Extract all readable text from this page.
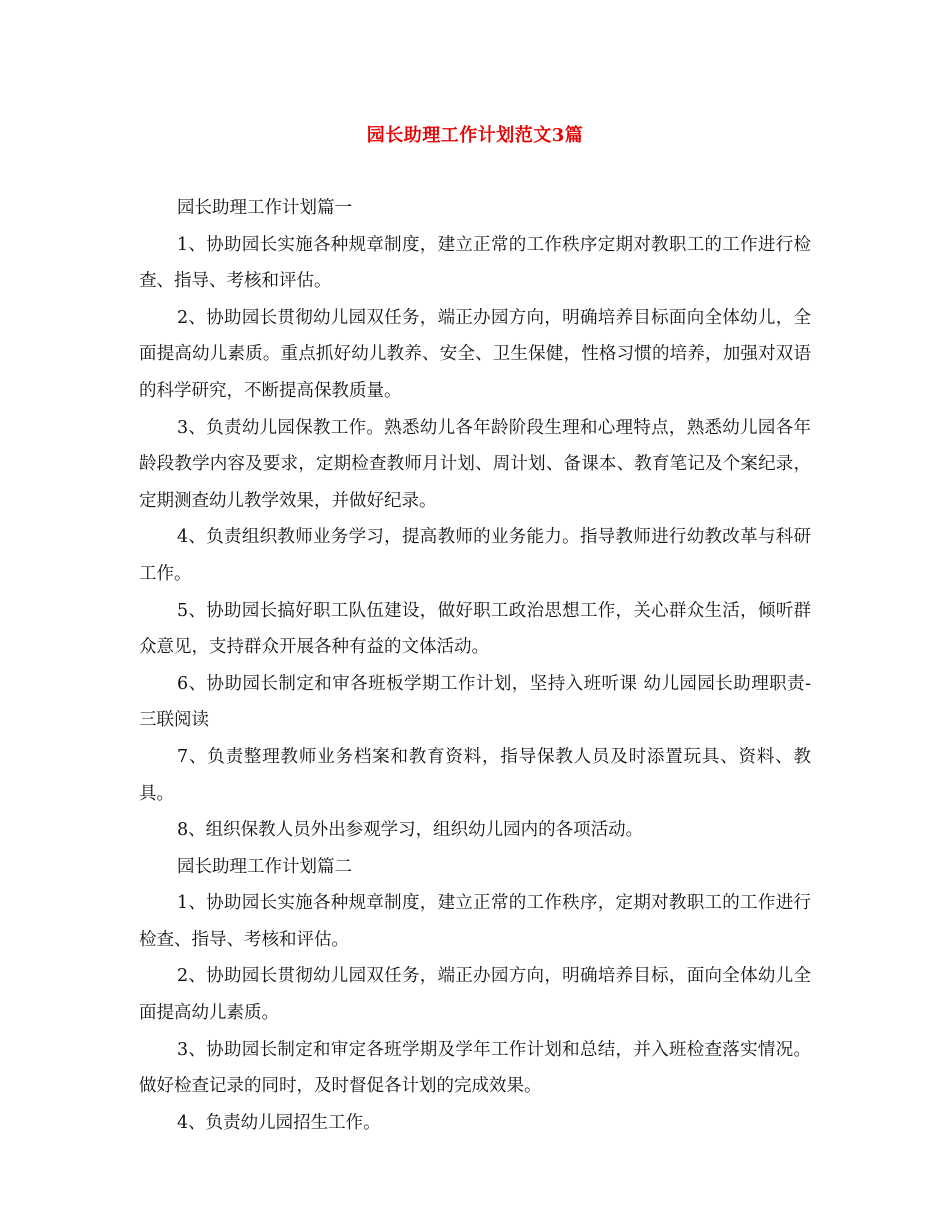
园长助理工作计划范文3篇

园长助理工作计划篇一

1、协助园长实施各种规章制度，建立正常的工作秩序定期对教职工的工作进行检查、指导、考核和评估。

2、协助园长贯彻幼儿园双任务，端正办园方向，明确培养目标面向全体幼儿，全面提高幼儿素质。重点抓好幼儿教养、安全、卫生保健，性格习惯的培养，加强对双语的科学研究，不断提高保教质量。

3、负责幼儿园保教工作。熟悉幼儿各年龄阶段生理和心理特点，熟悉幼儿园各年龄段教学内容及要求，定期检查教师月计划、周计划、备课本、教育笔记及个案纪录，定期测查幼儿教学效果，并做好纪录。

4、负责组织教师业务学习，提高教师的业务能力。指导教师进行幼教改革与科研工作。

5、协助园长搞好职工队伍建设，做好职工政治思想工作，关心群众生活，倾听群众意见，支持群众开展各种有益的文体活动。

6、协助园长制定和审各班板学期工作计划，坚持入班听课 幼儿园园长助理职责-三联阅读

7、负责整理教师业务档案和教育资料，指导保教人员及时添置玩具、资料、教具。

8、组织保教人员外出参观学习，组织幼儿园内的各项活动。

园长助理工作计划篇二

1、协助园长实施各种规章制度，建立正常的工作秩序，定期对教职工的工作进行检查、指导、考核和评估。

2、协助园长贯彻幼儿园双任务，端正办园方向，明确培养目标，面向全体幼儿全面提高幼儿素质。

3、协助园长制定和审定各班学期及学年工作计划和总结，并入班检查落实情况。做好检查记录的同时，及时督促各计划的完成效果。

4、负责幼儿园招生工作。
